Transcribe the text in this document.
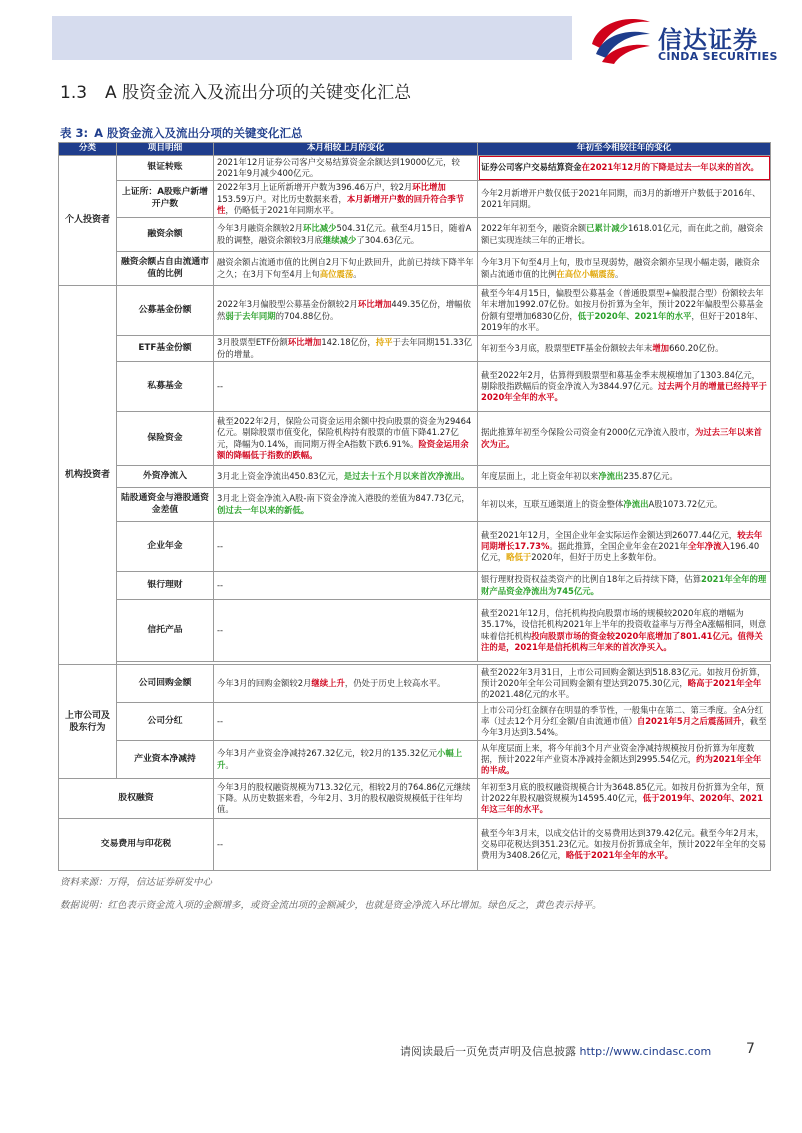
信达证券
CINDA SECURITIES
1.3 A 股资金流入及流出分项的关键变化汇总
表 3: A 股资金流入及流出分项的关键变化汇总
分类	项目明细	本月相较上月的变化	年初至今相较往年的变化
个人投资者	银证转账	2021年12月证券公司客户交易结算资金余额达到19000亿元，较2021年9月减少400亿元。	证券公司客户交易结算资金在2021年12月的下降是过去一年以来的首次。
	上证所：A股账户新增开户数	2022年3月上证所新增开户数为396.46万户，较2月环比增加153.59万户。对比历史数据来看，本月新增开户数的回升符合季节性，仍略低于2021年同期水平。	今年2月新增开户数仅低于2021年同期，而3月的新增开户数低于2016年、2021年同期。
	融资余额	今年3月融资余额较2月环比减少504.31亿元。截至4月15日，随着A股的调整，融资余额较3月底继续减少了304.63亿元。	2022年年初至今，融资余额已累计减少1618.01亿元，而在此之前，融资余额已实现连续三年的正增长。
	融资余额占自由流通市值的比例	融资余额占流通市值的比例自2月下旬止跌回升，此前已持续下降半年之久；在3月下旬至4月上旬高位震荡。	今年3月下旬至4月上旬，股市呈现弱势，融资余额亦呈现小幅走弱，融资余额占流通市值的比例在高位小幅震荡。
机构投资者	公募基金份额	2022年3月偏股型公募基金份额较2月环比增加449.35亿份，增幅依然弱于去年同期的704.88亿份。	截至今年4月15日，偏股型公募基金（普通股票型+偏股混合型）份额较去年年末增加1992.07亿份。如按月份折算为全年，预计2022年偏股型公募基金份额有望增加6830亿份，低于2020年、2021年的水平，但好于2018年、2019年的水平。
	ETF基金份额	3月股票型ETF份额环比增加142.18亿份，持平于去年同期151.33亿份的增量。	年初至今3月底，股票型ETF基金份额较去年末增加660.20亿份。
	私募基金	--	截至2022年2月，估算得到股票型和募基金季末规模增加了1303.84亿元，剔除股指跌幅后的资金净流入为3844.97亿元。过去两个月的增量已经持平于2020年全年的水平。
	保险资金	截至2022年2月，保险公司资金运用余额中投向股票的资金为29464亿元。剔除股票市值变化，保险机构持有股票的市值下降41.27亿元，降幅为0.14%，而同期万得全A指数下跌6.91%。险资金运用余额的降幅低于指数的跌幅。	据此推算年初至今保险公司资金有2000亿元净流入股市，为过去三年以来首次为正。
	外资净流入	3月北上资金净流出450.83亿元，是过去十五个月以来首次净流出。	年度层面上，北上资金年初以来净流出235.87亿元。
	陆股通资金与港股通资金差值	3月北上资金净流入A股-南下资金净流入港股的差值为847.73亿元，创过去一年以来的新低。	年初以来，互联互通渠道上的资金整体净流出A股1073.72亿元。
	企业年金	--	截至2021年12月，全国企业年金实际运作金额达到26077.44亿元，较去年同期增长17.73%。据此推算，全国企业年金在2021年全年净流入196.40亿元，略低于2020年，但好于历史上多数年份。
	银行理财	--	银行理财投资权益类资产的比例自18年之后持续下降，估算2021年全年的理财产品资金净流出为745亿元。
	信托产品	--	截至2021年12月，信托机构投向股票市场的规模较2020年底的增幅为35.17%，设信托机构2021年上半年的投资收益率与万得全A涨幅相同，则意味着信托机构投向股票市场的资金较2020年底增加了801.41亿元。值得关注的是，2021年是信托机构三年来的首次净买入。

上市公司及股东行为	公司回购金额	今年3月的回购金额较2月继续上升，仍处于历史上较高水平。	截至2022年3月31日，上市公司回购金额达到518.83亿元。如按月份折算，预计2020年全年公司回购金额有望达到2075.30亿元，略高于2021年全年的2021.48亿元的水平。
	公司分红	--	上市公司分红金额存在明显的季节性，一般集中在第二、第三季度。全A分红率（过去12个月分红金额/自由流通市值）自2021年5月之后震荡回升，截至今年3月达到3.54%。
	产业资本净减持	今年3月产业资金净减持267.32亿元，较2月的135.32亿元小幅上升。	从年度层面上来，将今年前3个月产业资金净减持规模按月份折算为年度数据，预计2022年产业资本净减持金额达到2995.54亿元，约为2021年全年的半成。
股权融资		今年3月的股权融资规模为713.32亿元，相较2月的764.86亿元继续下降。从历史数据来看，今年2月、3月的股权融资规模低于往年均值。	年初至3月底的股权融资规模合计为3648.85亿元。如按月份折算为全年，预计2022年股权融资规模为14595.40亿元，低于2019年、2020年、2021年这三年的水平。
交易费用与印花税		--	截至今年3月末，以成交估计的交易费用达到379.42亿元。截至今年2月末，交易印花税达到351.23亿元。如按月份折算成全年，预计2022年全年的交易费用为3408.26亿元，略低于2021年全年的水平。
资料来源：万得，信达证券研发中心
数据说明：红色表示资金流入项的金额增多，或资金流出项的金额减少，也就是资金净流入环比增加。绿色反之，黄色表示持平。
请阅读最后一页免责声明及信息披露 http://www.cindasc.com 7
